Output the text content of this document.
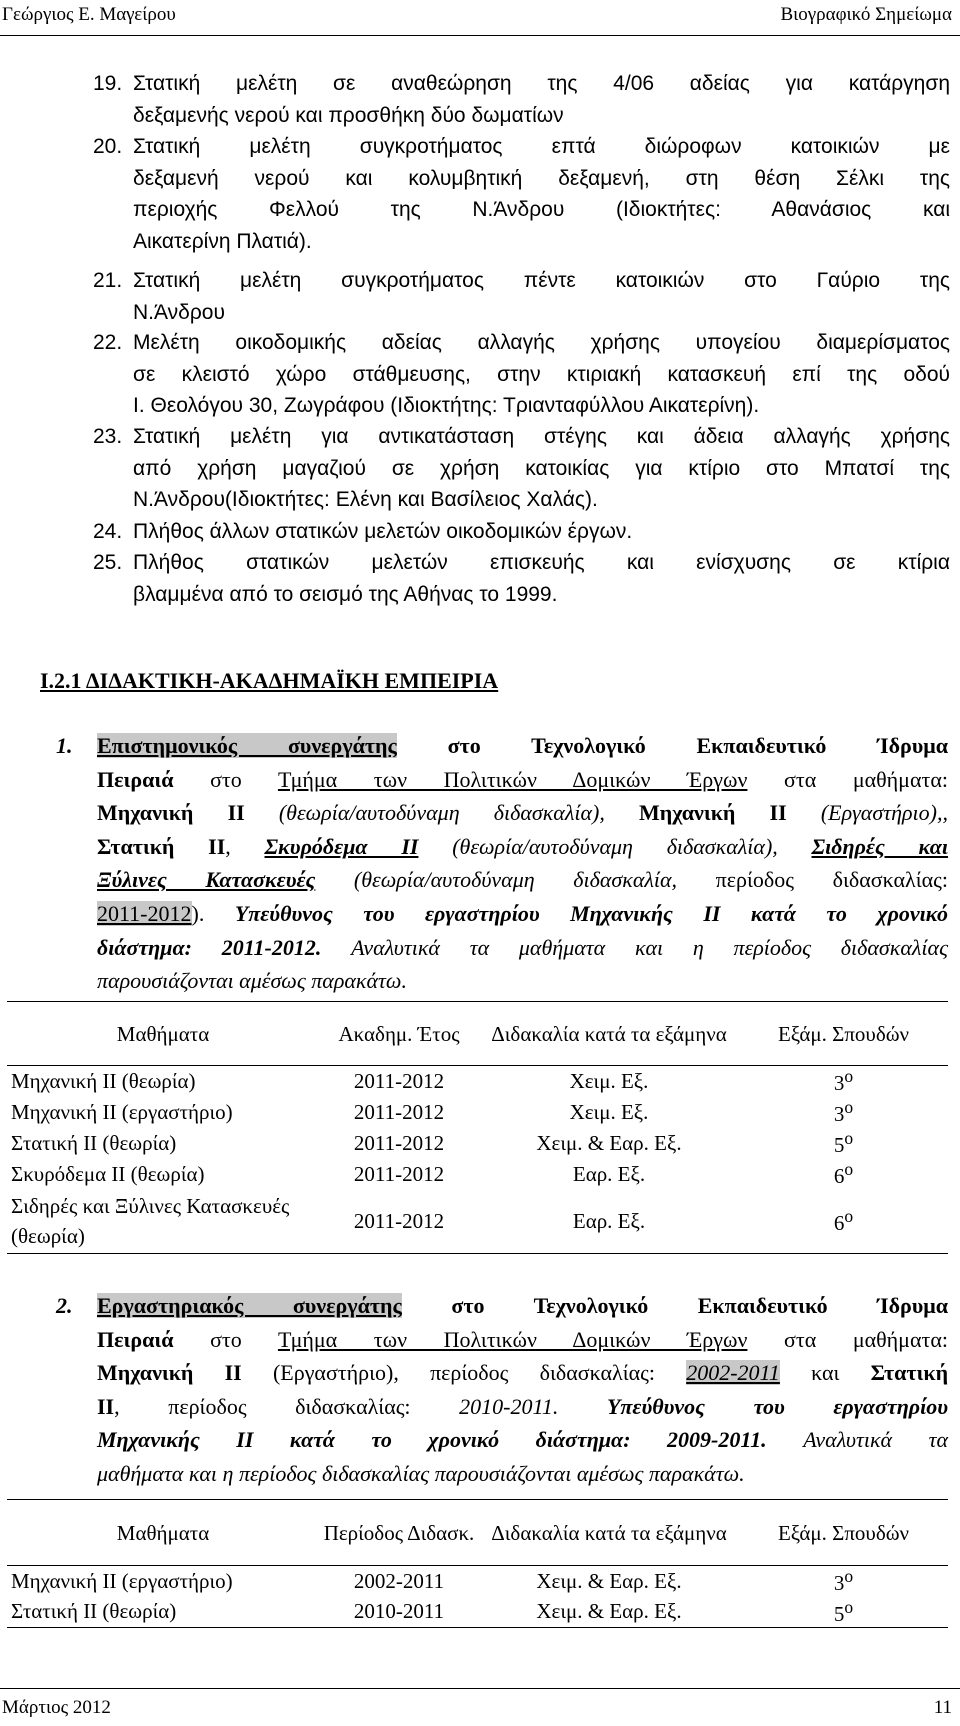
Γεώργιος Ε. Μαγείρου	Βιογραφικό Σημείωμα
19. Στατική μελέτη σε αναθεώρηση της 4/06 αδείας για κατάργηση
δεξαμενής νερού και προσθήκη δύο δωματίων
20. Στατική μελέτη συγκροτήματος επτά διώροφων κατοικιών με
δεξαμενή νερού και κολυμβητική δεξαμενή, στη θέση Σέλκι της
περιοχής Φελλού της Ν.Άνδρου (Ιδιοκτήτες: Αθανάσιος και
Αικατερίνη Πλατιά).
21. Στατική μελέτη συγκροτήματος πέντε κατοικιών στο Γαύριο της
Ν.Άνδρου
22. Μελέτη οικοδομικής αδείας αλλαγής χρήσης υπογείου διαμερίσματος
σε κλειστό χώρο στάθμευσης, στην κτιριακή κατασκευή επί της οδού
Ι. Θεολόγου 30, Ζωγράφου (Ιδιοκτήτης: Τριανταφύλλου Αικατερίνη).
23. Στατική μελέτη για αντικατάσταση στέγης και άδεια αλλαγής χρήσης
από χρήση μαγαζιού σε χρήση κατοικίας για κτίριο στο Μπατσί της
Ν.Άνδρου(Ιδιοκτήτες: Ελένη και Βασίλειος Χαλάς).
24. Πλήθος άλλων στατικών μελετών οικοδομικών έργων.
25. Πλήθος στατικών μελετών επισκευής και ενίσχυσης σε κτίρια
βλαμμένα από το σεισμό της Αθήνας το 1999.
Ι.2.1 ΔΙΔΑΚΤΙΚΗ-ΑΚΑΔΗΜΑΪΚΗ ΕΜΠΕΙΡΙΑ
1. Επιστημονικός συνεργάτης στο Τεχνολογικό Εκπαιδευτικό Ίδρυμα
Πειραιά στο Τμήμα των Πολιτικών Δομικών Έργων στα μαθήματα:
Μηχανική ΙΙ (θεωρία/αυτοδύναμη διδασκαλία), Μηχανική ΙΙ (Εργαστήριο),,
Στατική ΙΙ, Σκυρόδεμα ΙΙ (θεωρία/αυτοδύναμη διδασκαλία), Σιδηρές και
Ξύλινες Κατασκευές (θεωρία/αυτοδύναμη διδασκαλία, περίοδος διδασκαλίας:
2011-2012). Υπεύθυνος του εργαστηρίου Μηχανικής ΙΙ κατά το χρονικό
διάστημα: 2011-2012. Αναλυτικά τα μαθήματα και η περίοδος διδασκαλίας
παρουσιάζονται αμέσως παρακάτω.
Μαθήματα	Ακαδημ. Έτος	Διδακαλία κατά τα εξάμηνα	Εξάμ. Σπουδών
Μηχανική ΙΙ (θεωρία)	2011-2012	Χειμ. Εξ.	$3^o$
Μηχανική ΙΙ (εργαστήριο)	2011-2012	Χειμ. Εξ.	$3^o$
Στατική ΙΙ (θεωρία)	2011-2012	Χειμ. & Εαρ. Εξ.	$5^o$
Σκυρόδεμα ΙΙ (θεωρία)	2011-2012	Εαρ. Εξ.	$6^o$
Σιδηρές και Ξύλινες Κατασκευές (θεωρία)	2011-2012	Εαρ. Εξ.	$6^o$
2. Εργαστηριακός συνεργάτης στο Τεχνολογικό Εκπαιδευτικό Ίδρυμα
Πειραιά στο Τμήμα των Πολιτικών Δομικών Έργων στα μαθήματα:
Μηχανική ΙΙ (Εργαστήριο), περίοδος διδασκαλίας: 2002-2011 και Στατική
ΙΙ, περίοδος διδασκαλίας: 2010-2011. Υπεύθυνος του εργαστηρίου
Μηχανικής ΙΙ κατά το χρονικό διάστημα: 2009-2011. Αναλυτικά τα
μαθήματα και η περίοδος διδασκαλίας παρουσιάζονται αμέσως παρακάτω.
Μαθήματα	Περίοδος Διδασκ.	Διδακαλία κατά τα εξάμηνα	Εξάμ. Σπουδών
Μηχανική ΙΙ (εργαστήριο)	2002-2011	Χειμ. & Εαρ. Εξ.	$3^o$
Στατική ΙΙ (θεωρία)	2010-2011	Χειμ. & Εαρ. Εξ.	$5^o$
Μάρτιος 2012	11
